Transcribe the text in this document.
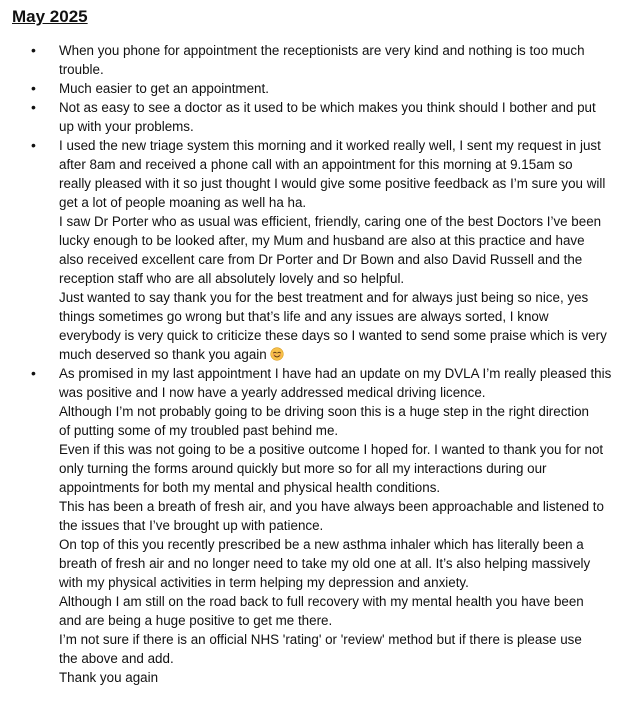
May 2025
• When you phone for appointment the receptionists are very kind and nothing is too much
trouble.
• Much easier to get an appointment.
• Not as easy to see a doctor as it used to be which makes you think should I bother and put
up with your problems.
• I used the new triage system this morning and it worked really well, I sent my request in just
after 8am and received a phone call with an appointment for this morning at 9.15am so
really pleased with it so just thought I would give some positive feedback as I’m sure you will
get a lot of people moaning as well ha ha.
I saw Dr Porter who as usual was efficient, friendly, caring one of the best Doctors I’ve been
lucky enough to be looked after, my Mum and husband are also at this practice and have
also received excellent care from Dr Porter and Dr Bown and also David Russell and the
reception staff who are all absolutely lovely and so helpful.
Just wanted to say thank you for the best treatment and for always just being so nice, yes
things sometimes go wrong but that’s life and any issues are always sorted, I know
everybody is very quick to criticize these days so I wanted to send some praise which is very
much deserved so thank you again
• As promised in my last appointment I have had an update on my DVLA I’m really pleased this
was positive and I now have a yearly addressed medical driving licence.
Although I’m not probably going to be driving soon this is a huge step in the right direction
of putting some of my troubled past behind me.
Even if this was not going to be a positive outcome I hoped for. I wanted to thank you for not
only turning the forms around quickly but more so for all my interactions during our
appointments for both my mental and physical health conditions.
This has been a breath of fresh air, and you have always been approachable and listened to
the issues that I’ve brought up with patience.
On top of this you recently prescribed be a new asthma inhaler which has literally been a
breath of fresh air and no longer need to take my old one at all. It’s also helping massively
with my physical activities in term helping my depression and anxiety.
Although I am still on the road back to full recovery with my mental health you have been
and are being a huge positive to get me there.
I’m not sure if there is an official NHS 'rating' or 'review' method but if there is please use
the above and add.
Thank you again
